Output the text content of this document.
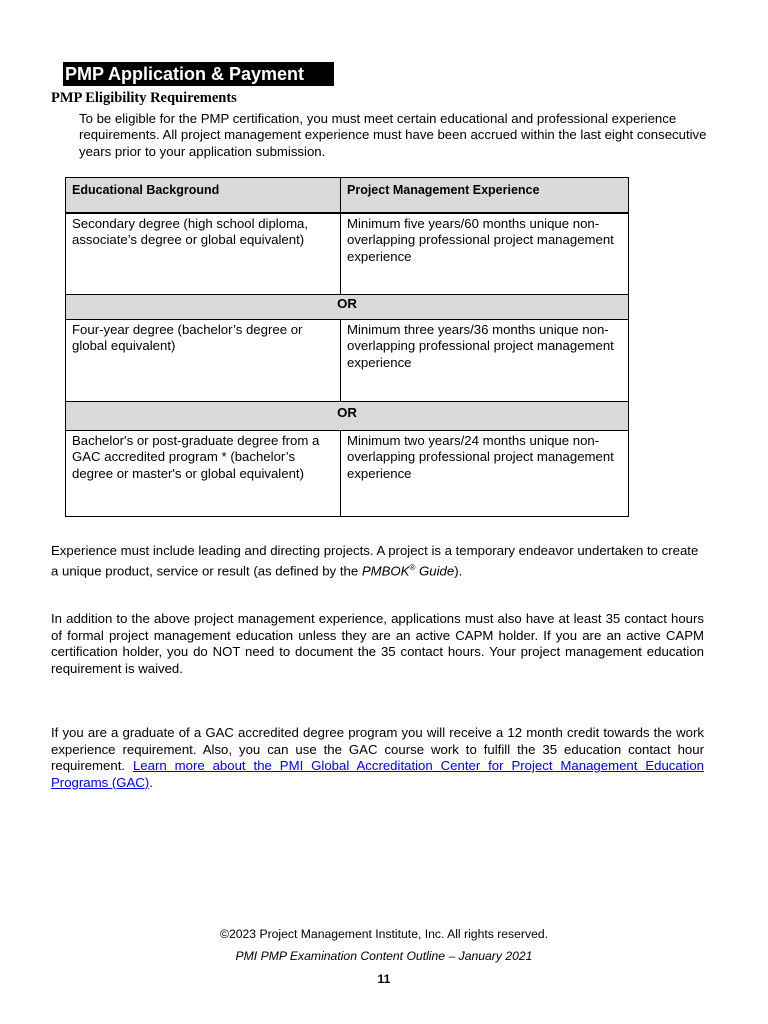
PMP Application & Payment
PMP Eligibility Requirements
To be eligible for the PMP certification, you must meet certain educational and professional experience requirements. All project management experience must have been accrued within the last eight consecutive years prior to your application submission.
Educational Background	Project Management Experience
Secondary degree (high school diploma, associate’s degree or global equivalent)	Minimum five years/60 months unique non-overlapping professional project management experience
OR	
Four-year degree (bachelor’s degree or global equivalent)	Minimum three years/36 months unique non-overlapping professional project management experience
OR	
Bachelor's or post-graduate degree from a GAC accredited program * (bachelor’s degree or master's or global equivalent)	Minimum two years/24 months unique non-overlapping professional project management experience
Experience must include leading and directing projects. A project is a temporary endeavor undertaken to create a unique product, service or result (as defined by the PMBOK® Guide).
In addition to the above project management experience, applications must also have at least 35 contact hours of formal project management education unless they are an active CAPM holder. If you are an active CAPM certification holder, you do NOT need to document the 35 contact hours. Your project management education requirement is waived.
If you are a graduate of a GAC accredited degree program you will receive a 12 month credit towards the work experience requirement. Also, you can use the GAC course work to fulfill the 35 education contact hour requirement. Learn more about the PMI Global Accreditation Center for Project Management Education Programs (GAC).
©2023 Project Management Institute, Inc. All rights reserved.
PMI PMP Examination Content Outline – January 2021
11
